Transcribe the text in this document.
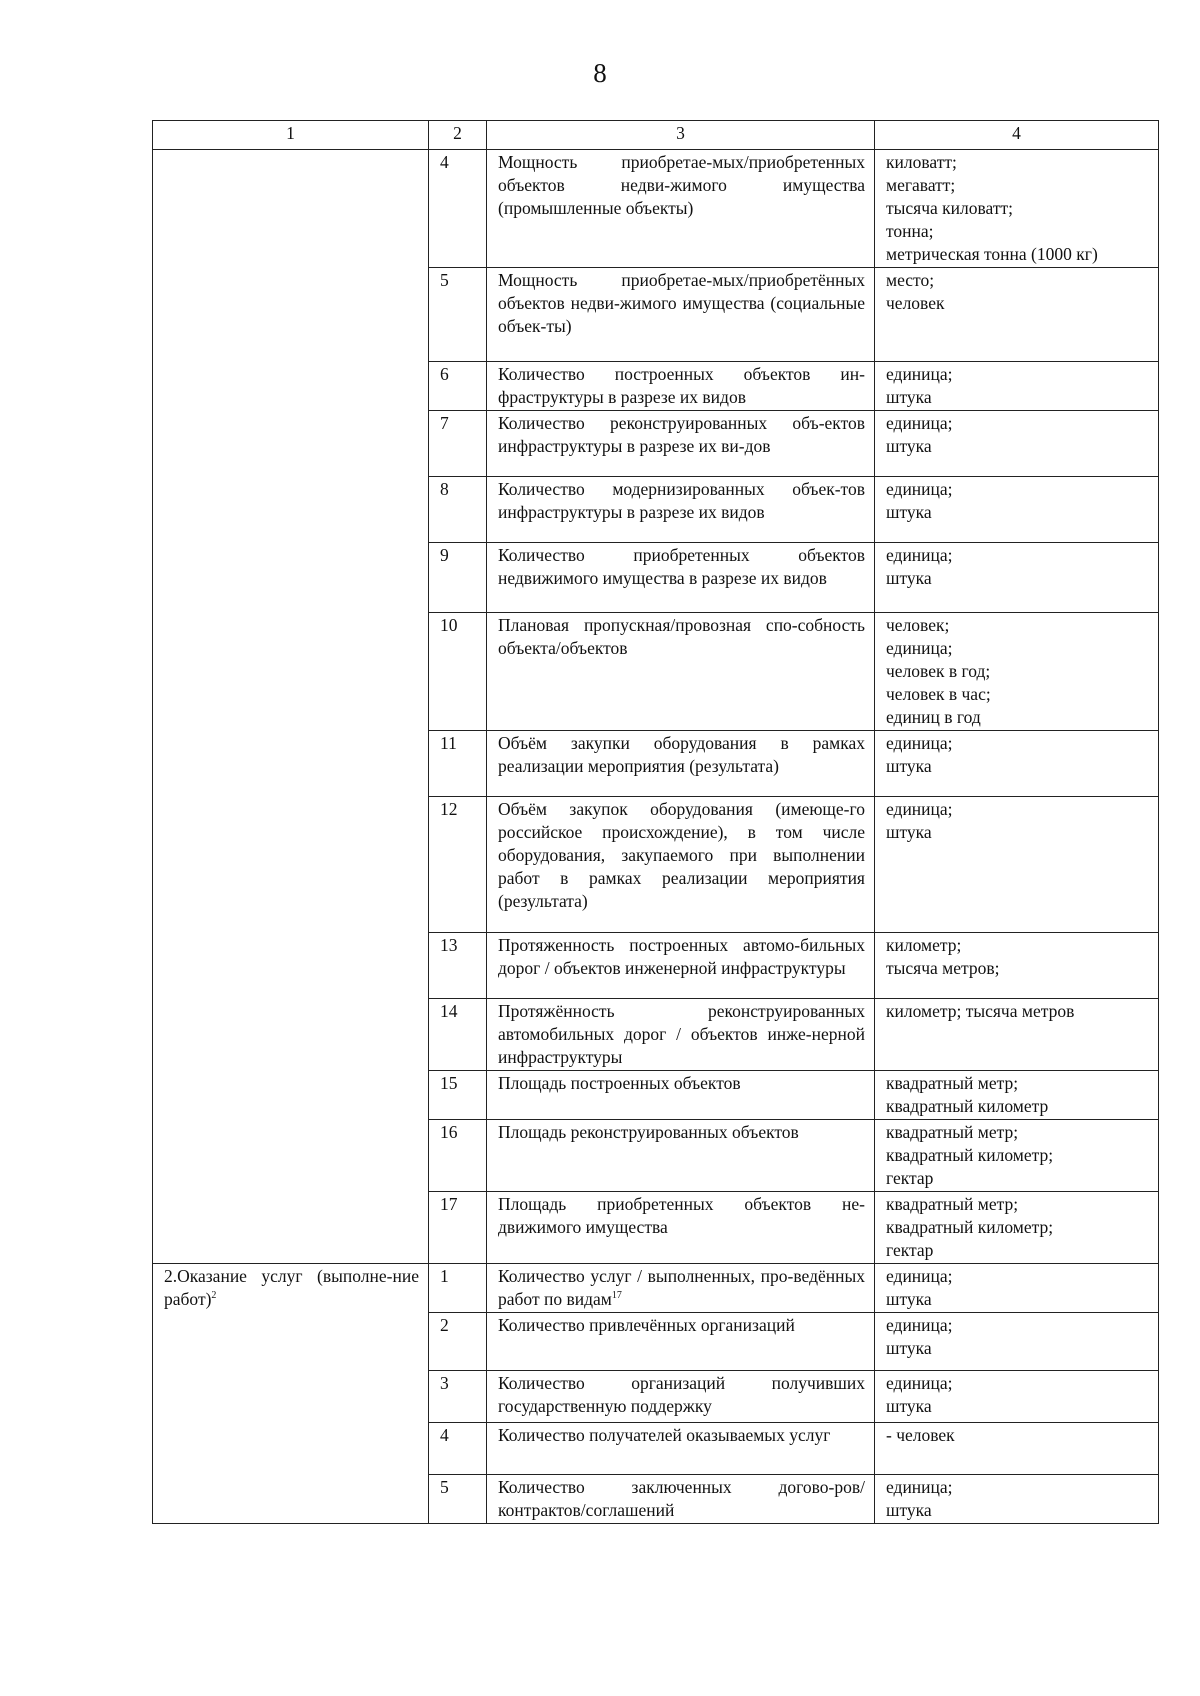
8
1	2	3	4
	4	Мощность приобретае-мых/приобретенных объектов недви-жимого имущества (промышленные объекты)	киловатт;
мегаватт;
тысяча киловатт;
тонна;
метрическая тонна (1000 кг)

	5	Мощность приобретае-мых/приобретённых объектов недви-жимого имущества (социальные объек-ты)	место;
человек

	6	Количество построенных объектов ин-фраструктуры в разрезе их видов	единица;
штука

	7	Количество реконструированных объ-ектов инфраструктуры в разрезе их ви-дов	единица;
штука

	8	Количество модернизированных объек-тов инфраструктуры в разрезе их видов	единица;
штука

	9	Количество приобретенных объектов недвижимого имущества в разрезе их видов	единица;
штука

	10	Плановая пропускная/провозная спо-собность объекта/объектов	человек;
единица;
человек в год;
человек в час;
единиц в год

	11	Объём закупки оборудования в рамках реализации мероприятия (результата)	единица;
штука

	12	Объём закупок оборудования (имеюще-го российское происхождение), в том числе оборудования, закупаемого при выполнении работ в рамках реализации мероприятия (результата)	единица;
штука

	13	Протяженность построенных автомо-бильных дорог / объектов инженерной инфраструктуры	километр;
тысяча метров;

	14	Протяжённость реконструированных автомобильных дорог / объектов инже-нерной инфраструктуры	километр; тысяча метров

	15	Площадь построенных объектов	квадратный метр;
квадратный километр

	16	Площадь реконструированных объектов	квадратный метр;
квадратный километр;
гектар

	17	Площадь приобретенных объектов не-движимого имущества	квадратный метр;
квадратный километр;
гектар

2.Оказание услуг (выполне-ние работ)$^2$	1	Количество услуг / выполненных, про-ведённых работ по видам$^{17}$	единица;
штука

	2	Количество привлечённых организаций	единица;
штука

	3	Количество организаций получивших государственную поддержку	единица;
штука

	4	Количество получателей оказываемых услуг	- человек

	5	Количество заключенных догово-ров/контрактов/соглашений	единица;
штука
